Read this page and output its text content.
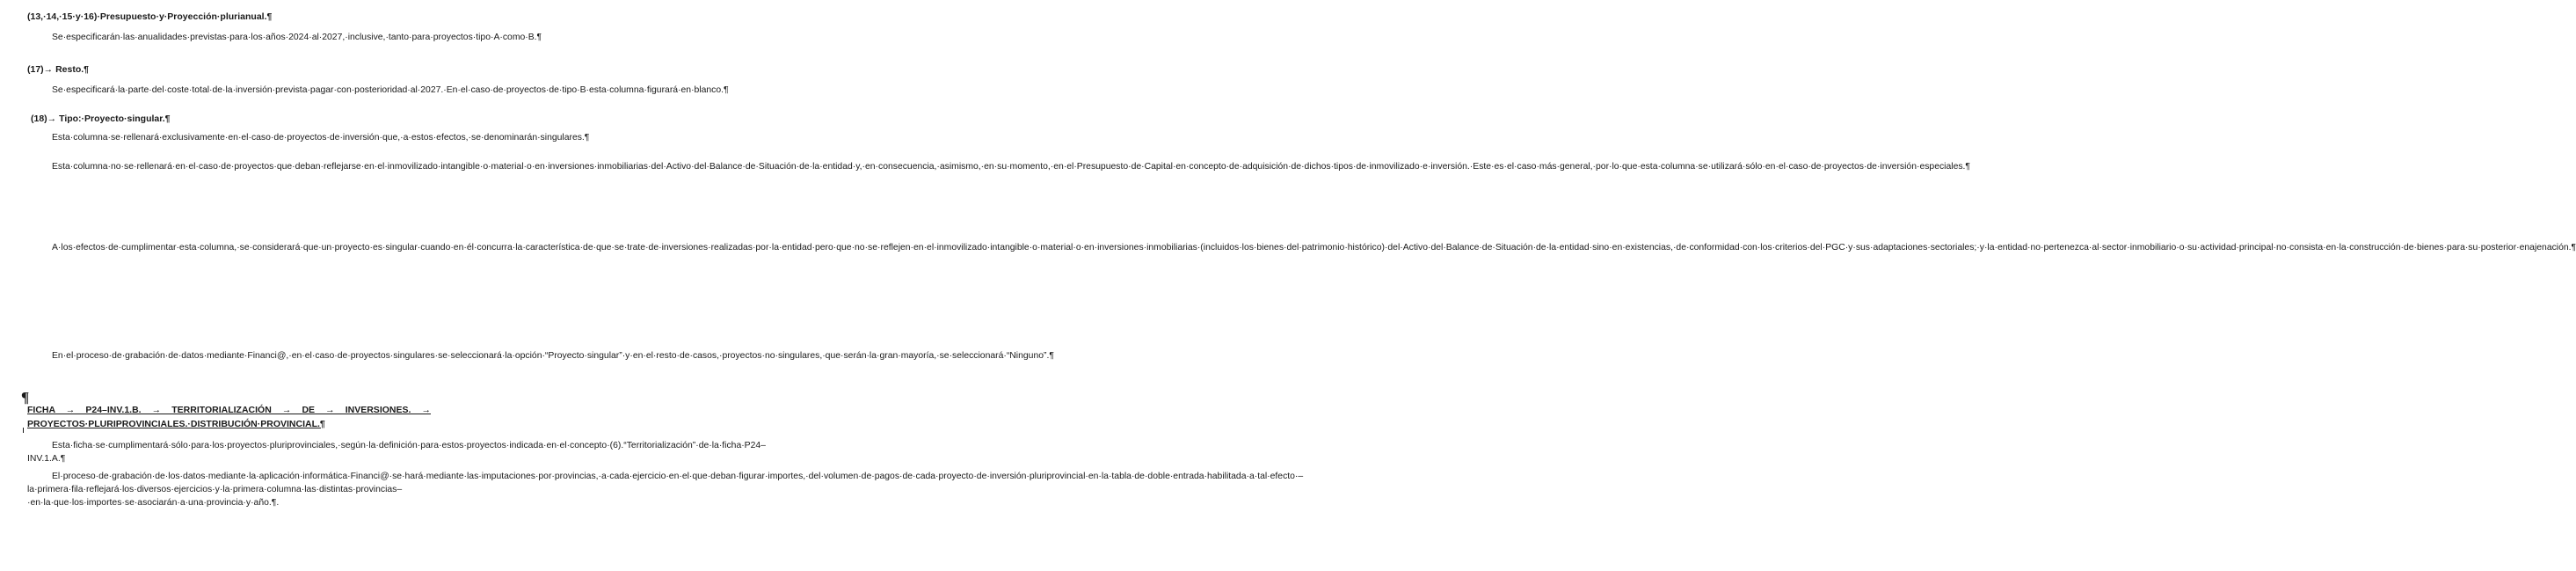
(13,·14,·15·y·16)·Presupuesto·y·Proyección·plurianual.¶

Se·especificarán·las·anualidades·previstas·para·los·años·2024·al·2027,·inclusive,·tanto·para·proyectos·tipo·A·como·B.¶

(17)→ Resto.¶

Se·especificará·la·parte·del·coste·total·de·la·inversión·prevista·pagar·con·posterioridad·al·2027.·En·el·caso·de·proyectos·de·tipo·B·esta·columna·figurará·en·blanco.¶

(18)→ Tipo:·Proyecto·singular.¶

Esta·columna·se·rellenará·exclusivamente·en·el·caso·de·proyectos·de·inversión·que,·a·estos·efectos,·se·denominarán·singulares.¶

Esta·columna·no·se·rellenará·en·el·caso·de·proyectos·que·deban·reflejarse·en·el·inmovilizado·intangible·o·material·o·en·inversiones·inmobiliarias·del·Activo·del·Balance·de·Situación·de·la·entidad·y,·en·consecuencia,·asimismo,·en·su·momento,·en·el·Presupuesto·de·Capital·en·concepto·de·adquisición·de·dichos·tipos·de·inmovilizado·e·inversión.·Este·es·el·caso·más·general,·por·lo·que·esta·columna·se·utilizará·sólo·en·el·caso·de·proyectos·de·inversión·especiales.¶

A·los·efectos·de·cumplimentar·esta·columna,·se·considerará·que·un·proyecto·es·singular·cuando·en·él·concurra·la·característica·de·que·se·trate·de·inversiones·realizadas·por·la·entidad·pero·que·no·se·reflejen·en·el·inmovilizado·intangible·o·material·o·en·inversiones·inmobiliarias·(incluidos·los·bienes·del·patrimonio·histórico)·del·Activo·del·Balance·de·Situación·de·la·entidad·sino·en·existencias,·de·conformidad·con·los·criterios·del·PGC·y·sus·adaptaciones·sectoriales;·y·la·entidad·no·pertenezca·al·sector·inmobiliario·o·su·actividad·principal·no·consista·en·la·construcción·de·bienes·para·su·posterior·enajenación.¶

En·el·proceso·de·grabación·de·datos·mediante·Financi@,·en·el·caso·de·proyectos·singulares·se·seleccionará·la·opción·“Proyecto·singular”·y·en·el·resto·de·casos,·proyectos·no·singulares,·que·serán·la·gran·mayoría,·se·seleccionará·“Ninguno”.¶

¶

FICHA → P24–INV.1.B. → TERRITORIALIZACIÓN → DE → INVERSIONES. → PROYECTOS·PLURIPROVINCIALES.·DISTRIBUCIÓN·PROVINCIAL.¶

Esta·ficha·se·cumplimentará·sólo·para·los·proyectos·pluriprovinciales,·según·la·definición·para·estos·proyectos·indicada·en·el·concepto·(6).“Territorialización”·de·la·ficha·P24–INV.1.A.¶

El·proceso·de·grabación·de·los·datos·mediante·la·aplicación·informática·Financi@·se·hará·mediante·las·imputaciones·por·provincias,·a·cada·ejercicio·en·el·que·deban·figurar·importes,·del·volumen·de·pagos·de·cada·proyecto·de·inversión·pluriprovincial·en·la·tabla·de·doble·entrada·habilitada·a·tal·efecto·–la·primera·fila·reflejará·los·diversos·ejercicios·y·la·primera·columna·las·distintas·provincias–·en·la·que·los·importes·se·asociarán·a·una·provincia·y·año.¶.
